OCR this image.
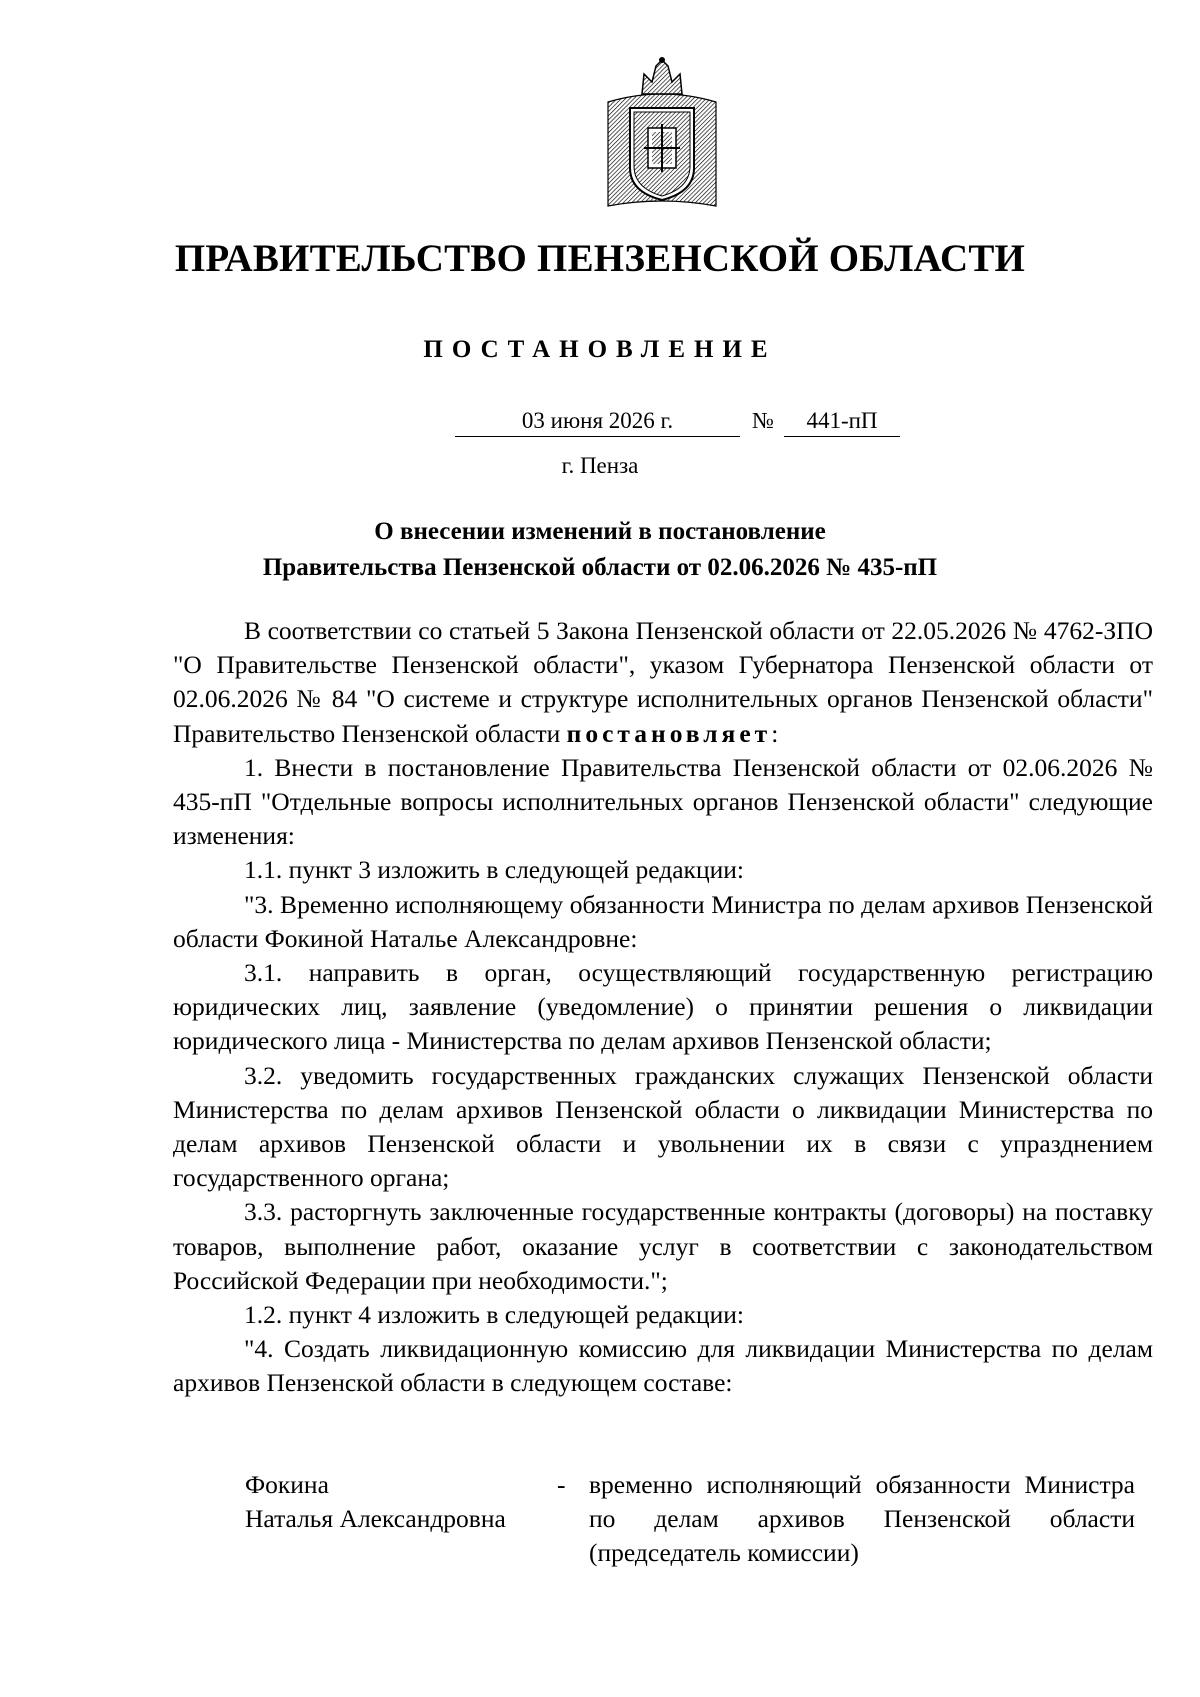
ПРАВИТЕЛЬСТВО ПЕНЗЕНСКОЙ ОБЛАСТИ
ПОСТАНОВЛЕНИЕ
03 июня 2026 г.	№	441-пП
г. Пенза
О внесении изменений в постановление
Правительства Пензенской области от 02.06.2026 № 435-пП

В соответствии со статьей 5 Закона Пензенской области от 22.05.2026 № 4762-ЗПО "О Правительстве Пензенской области", указом Губернатора Пензенской области от 02.06.2026 № 84 "О системе и структуре исполнительных органов Пензенской области" Правительство Пензенской области постановляет:

1. Внести в постановление Правительства Пензенской области от 02.06.2026 № 435-пП "Отдельные вопросы исполнительных органов Пензенской области" следующие изменения:

1.1. пункт 3 изложить в следующей редакции:

"3. Временно исполняющему обязанности Министра по делам архивов Пензенской области Фокиной Наталье Александровне:

3.1. направить в орган, осуществляющий государственную регистрацию юридических лиц, заявление (уведомление) о принятии решения о ликвидации юридического лица - Министерства по делам архивов Пензенской области;

3.2. уведомить государственных гражданских служащих Пензенской области Министерства по делам архивов Пензенской области о ликвидации Министерства по делам архивов Пензенской области и увольнении их в связи с упразднением государственного органа;

3.3. расторгнуть заключенные государственные контракты (договоры) на поставку товаров, выполнение работ, оказание услуг в соответствии с законодательством Российской Федерации при необходимости.";

1.2. пункт 4 изложить в следующей редакции:

"4. Создать ликвидационную комиссию для ликвидации Министерства по делам архивов Пензенской области в следующем составе:

Фокина
Наталья Александровна
- временно исполняющий обязанности Министра по делам архивов Пензенской области (председатель комиссии)
